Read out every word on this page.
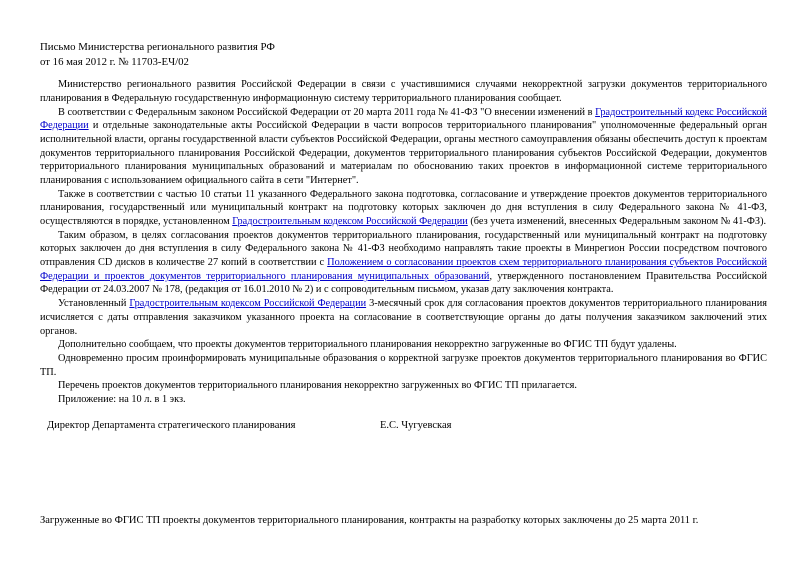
Письмо Министерства регионального развития РФ
от 16 мая 2012 г. № 11703-ЕЧ/02

Министерство регионального развития Российской Федерации в связи с участившимися случаями некорректной загрузки документов территориального планирования в Федеральную государственную информационную систему территориального планирования сообщает.

В соответствии с Федеральным законом Российской Федерации от 20 марта 2011 года № 41-ФЗ "О внесении изменений в Градостроительный кодекс Российской Федерации и отдельные законодательные акты Российской Федерации в части вопросов территориального планирования" уполномоченные федеральный орган исполнительной власти, органы государственной власти субъектов Российской Федерации, органы местного самоуправления обязаны обеспечить доступ к проектам документов территориального планирования Российской Федерации, документов территориального планирования субъектов Российской Федерации, документов территориального планирования муниципальных образований и материалам по обоснованию таких проектов в информационной системе территориального планирования с использованием официального сайта в сети "Интернет".

Также в соответствии с частью 10 статьи 11 указанного Федерального закона подготовка, согласование и утверждение проектов документов территориального планирования, государственный или муниципальный контракт на подготовку которых заключен до дня вступления в силу Федерального закона № 41-ФЗ, осуществляются в порядке, установленном Градостроительным кодексом Российской Федерации (без учета изменений, внесенных Федеральным законом № 41-ФЗ).

Таким образом, в целях согласования проектов документов территориального планирования, государственный или муниципальный контракт на подготовку которых заключен до дня вступления в силу Федерального закона № 41-ФЗ необходимо направлять такие проекты в Минрегион России посредством почтового отправления CD дисков в количестве 27 копий в соответствии с Положением о согласовании проектов схем территориального планирования субъектов Российской Федерации и проектов документов территориального планирования муниципальных образований, утвержденного постановлением Правительства Российской Федерации от 24.03.2007 № 178, (редакция от 16.01.2010 № 2) и с сопроводительным письмом, указав дату заключения контракта.

Установленный Градостроительным кодексом Российской Федерации 3-месячный срок для согласования проектов документов территориального планирования исчисляется с даты отправления заказчиком указанного проекта на согласование в соответствующие органы до даты получения заказчиком заключений этих органов.

Дополнительно сообщаем, что проекты документов территориального планирования некорректно загруженные во ФГИС ТП будут удалены.

Одновременно просим проинформировать муниципальные образования о корректной загрузке проектов документов территориального планирования во ФГИС ТП.

Перечень проектов документов территориального планирования некорректно загруженных во ФГИС ТП прилагается.

Приложение: на 10 л. в 1 экз.

Директор Департамента стратегического планирования	Е.С. Чугуевская
Загруженные во ФГИС ТП проекты документов территориального планирования, контракты на разработку которых заключены до 25 марта 2011 г.
